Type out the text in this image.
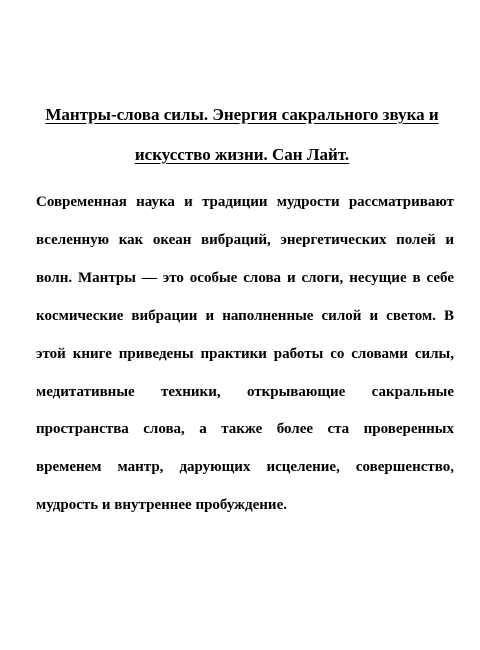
Мантры-слова силы. Энергия сакрального звука и искусство жизни. Сан Лайт.

Современная наука и традиции мудрости рассматривают вселенную как океан вибраций, энергетических полей и волн. Мантры — это особые слова и слоги, несущие в себе космические вибрации и наполненные силой и светом. В этой книге приведены практики работы со словами силы, медитативные техники, открывающие сакральные пространства слова, а также более ста проверенных временем мантр, дарующих исцеление, совершенство, мудрость и внутреннее пробуждение.
